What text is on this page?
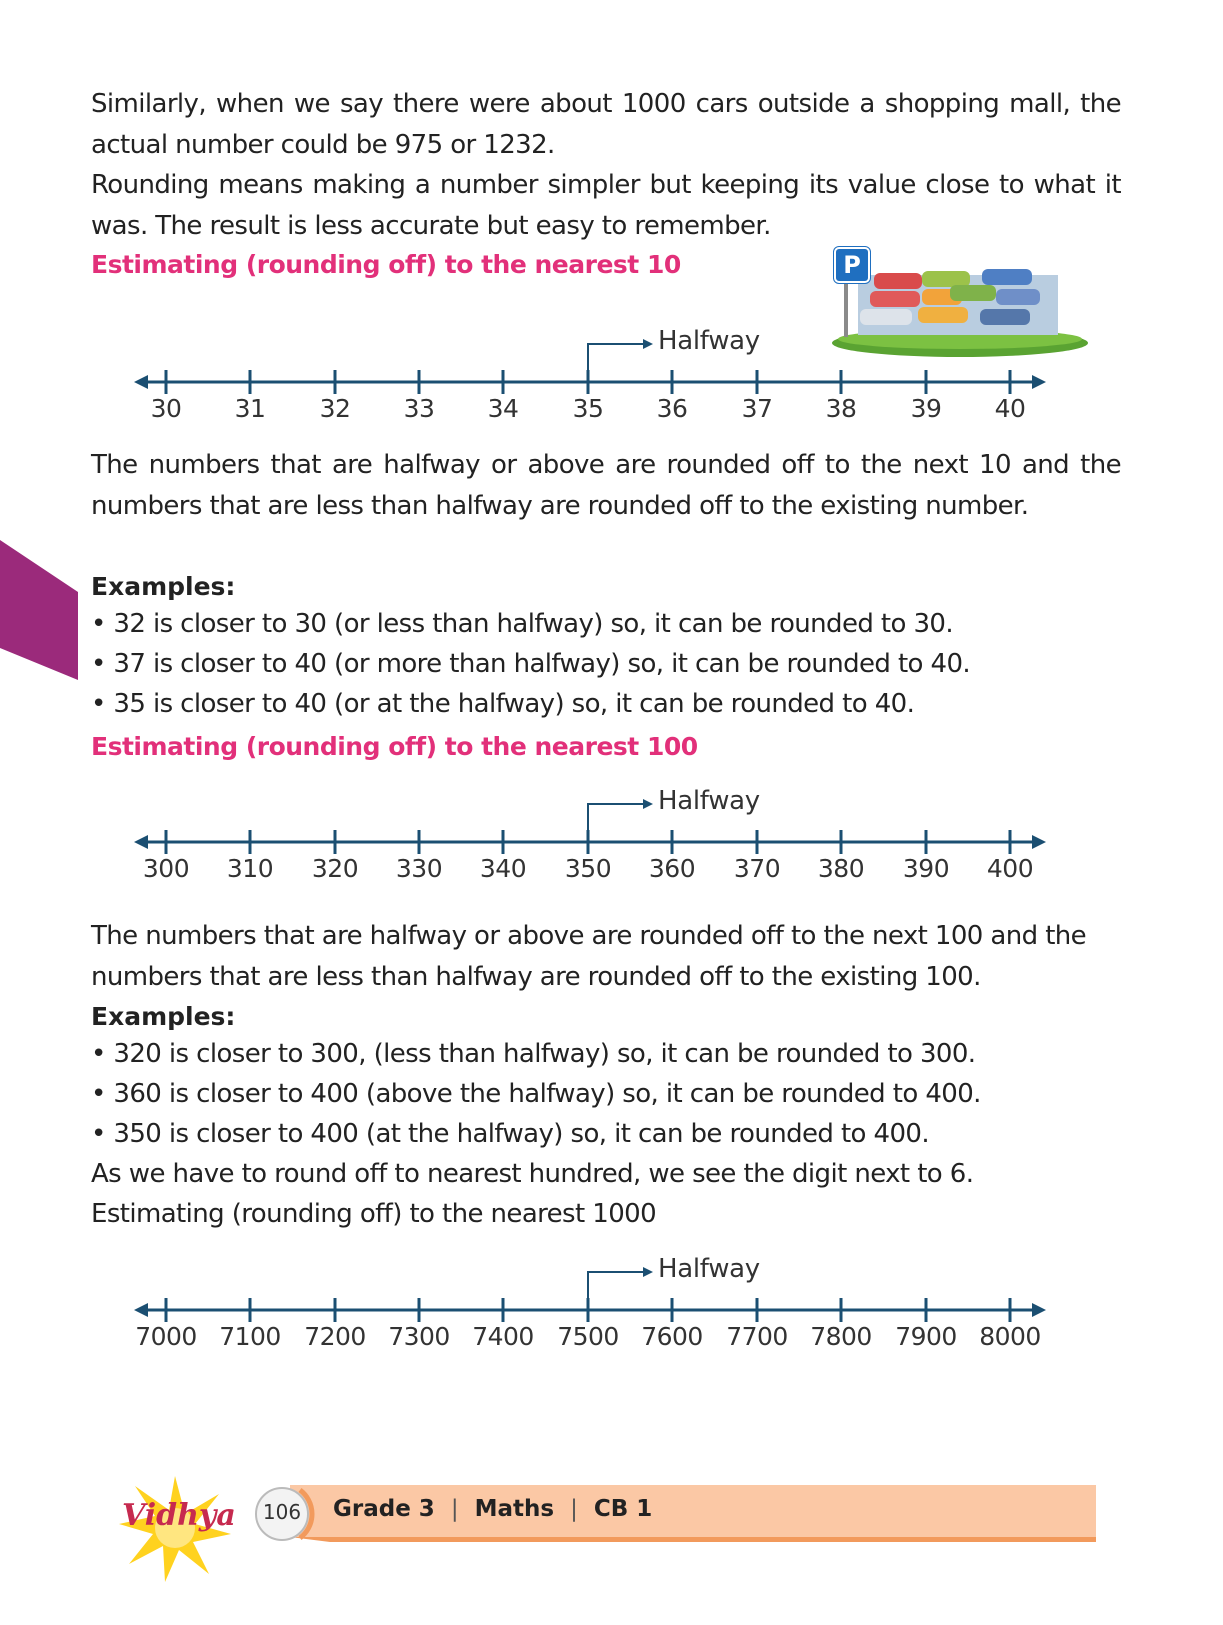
Similarly, when we say there were about 1000 cars outside a shopping mall, the actual number could be 975 or 1232.

Rounding means making a number simpler but keeping its value close to what it was. The result is less accurate but easy to remember.

Estimating (rounding off) to the nearest 10	P
Halfway
30	31	32	33	34	35	36	37	38	39	40

The numbers that are halfway or above are rounded off to the next 10 and the numbers that are less than halfway are rounded off to the existing number.

Examples:

• 32 is closer to 30 (or less than halfway) so, it can be rounded to 30.

• 37 is closer to 40 (or more than halfway) so, it can be rounded to 40.

• 35 is closer to 40 (or at the halfway) so, it can be rounded to 40.

Estimating (rounding off) to the nearest 100
Halfway
300	310	320	330	340	350	360	370	380	390	400

The numbers that are halfway or above are rounded off to the next 100 and the numbers that are less than halfway are rounded off to the existing 100.

Examples:

• 320 is closer to 300, (less than halfway) so, it can be rounded to 300.

• 360 is closer to 400 (above the halfway) so, it can be rounded to 400.

• 350 is closer to 400 (at the halfway) so, it can be rounded to 400.

As we have to round off to nearest hundred, we see the digit next to 6.

Estimating (rounding off) to the nearest 1000

Halfway
7000 7100 7200 7300 7400 7500 7600 7700 7800 7900 8000
Vidhya 106 Grade 3 | Maths | CB 1
